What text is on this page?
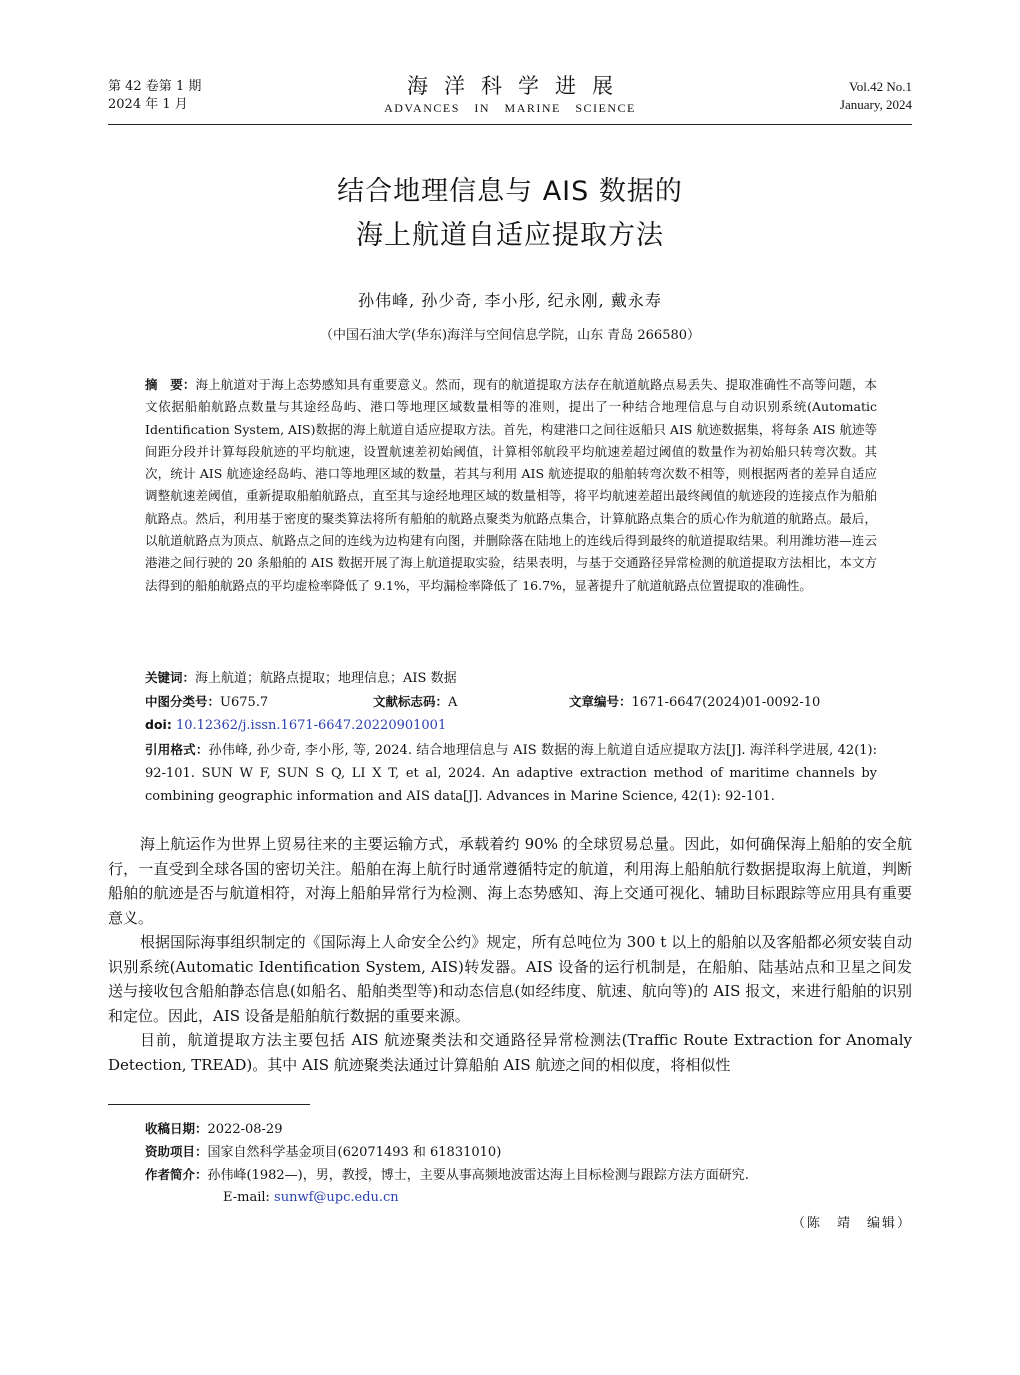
第 42 卷第 1 期
2024 年 1 月
海洋科学进展
ADVANCES IN MARINE SCIENCE
Vol.42 No.1
January, 2024
结合地理信息与 AIS 数据的
海上航道自适应提取方法
孙伟峰, 孙少奇, 李小彤, 纪永刚, 戴永寿
（中国石油大学(华东)海洋与空间信息学院，山东 青岛 266580）
摘　要：海上航道对于海上态势感知具有重要意义。然而，现有的航道提取方法存在航道航路点易丢失、提取准确性不高等问题，本文依据船舶航路点数量与其途经岛屿、港口等地理区域数量相等的准则，提出了一种结合地理信息与自动识别系统(Automatic Identification System, AIS)数据的海上航道自适应提取方法。首先，构建港口之间往返船只 AIS 航迹数据集，将每条 AIS 航迹等间距分段并计算每段航迹的平均航速，设置航速差初始阈值，计算相邻航段平均航速差超过阈值的数量作为初始船只转弯次数。其次，统计 AIS 航迹途经岛屿、港口等地理区域的数量，若其与利用 AIS 航迹提取的船舶转弯次数不相等，则根据两者的差异自适应调整航速差阈值，重新提取船舶航路点，直至其与途经地理区域的数量相等，将平均航速差超出最终阈值的航迹段的连接点作为船舶航路点。然后，利用基于密度的聚类算法将所有船舶的航路点聚类为航路点集合，计算航路点集合的质心作为航道的航路点。最后，以航道航路点为顶点、航路点之间的连线为边构建有向图，并删除落在陆地上的连线后得到最终的航道提取结果。利用潍坊港—连云港港之间行驶的 20 条船舶的 AIS 数据开展了海上航道提取实验，结果表明，与基于交通路径异常检测的航道提取方法相比，本文方法得到的船舶航路点的平均虚检率降低了 9.1%，平均漏检率降低了 16.7%，显著提升了航道航路点位置提取的准确性。
关键词：海上航道；航路点提取；地理信息；AIS 数据
中图分类号：U675.7	文献标志码：A	文章编号：1671-6647(2024)01-0092-10
doi: 10.12362/j.issn.1671-6647.20220901001
引用格式：孙伟峰, 孙少奇, 李小彤, 等, 2024. 结合地理信息与 AIS 数据的海上航道自适应提取方法[J]. 海洋科学进展, 42(1): 92-101. SUN W F, SUN S Q, LI X T, et al, 2024. An adaptive extraction method of maritime channels by combining geographic information and AIS data[J]. Advances in Marine Science, 42(1): 92-101.

海上航运作为世界上贸易往来的主要运输方式，承载着约 90% 的全球贸易总量。因此，如何确保海上船舶的安全航行，一直受到全球各国的密切关注。船舶在海上航行时通常遵循特定的航道，利用海上船舶航行数据提取海上航道，判断船舶的航迹是否与航道相符，对海上船舶异常行为检测、海上态势感知、海上交通可视化、辅助目标跟踪等应用具有重要意义。

根据国际海事组织制定的《国际海上人命安全公约》规定，所有总吨位为 300 t 以上的船舶以及客船都必须安装自动识别系统(Automatic Identification System, AIS)转发器。AIS 设备的运行机制是，在船舶、陆基站点和卫星之间发送与接收包含船舶静态信息(如船名、船舶类型等)和动态信息(如经纬度、航速、航向等)的 AIS 报文，来进行船舶的识别和定位。因此，AIS 设备是船舶航行数据的重要来源。

目前，航道提取方法主要包括 AIS 航迹聚类法和交通路径异常检测法(Traffic Route Extraction for Anomaly Detection, TREAD)。其中 AIS 航迹聚类法通过计算船舶 AIS 航迹之间的相似度，将相似性

收稿日期：2022-08-29
资助项目：国家自然科学基金项目(62071493 和 61831010)
作者简介：孙伟峰(1982—)，男，教授，博士，主要从事高频地波雷达海上目标检测与跟踪方法方面研究.
E-mail: sunwf@upc.edu.cn
（陈　靖　编辑）
